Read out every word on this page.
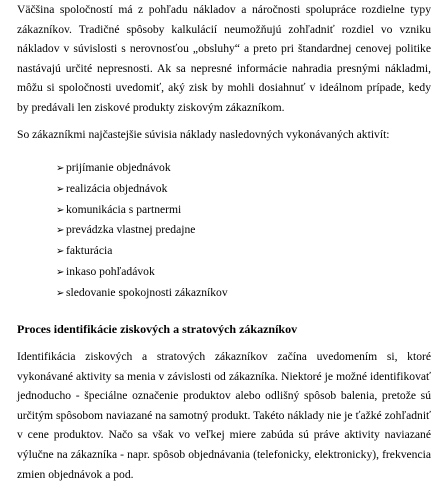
Väčšina spoločností má z pohľadu nákladov a náročnosti spolupráce rozdielne typy zákazníkov. Tradičné spôsoby kalkulácií neumožňujú zohľadniť rozdiel vo vzniku nákladov v súvislosti s nerovnosťou „obsluhy“ a preto pri štandardnej cenovej politike nastávajú určité nepresnosti. Ak sa nepresné informácie nahradia presnými nákladmi, môžu si spoločnosti uvedomiť, aký zisk by mohli dosiahnuť v ideálnom prípade, kedy by predávali len ziskové produkty ziskovým zákazníkom.

So zákazníkmi najčastejšie súvisia náklady nasledovných vykonávaných aktivít:

➢ prijímanie objednávok
➢ realizácia objednávok
➢ komunikácia s partnermi
➢ prevádzka vlastnej predajne
➢ fakturácia
➢ inkaso pohľadávok
➢ sledovanie spokojnosti zákazníkov
Proces identifikácie ziskových a stratových zákazníkov

Identifikácia ziskových a stratových zákazníkov začína uvedomením si, ktoré vykonávané aktivity sa menia v závislosti od zákazníka. Niektoré je možné identifikovať jednoducho - špeciálne označenie produktov alebo odlišný spôsob balenia, pretože sú určitým spôsobom naviazané na samotný produkt. Takéto náklady nie je ťažké zohľadniť v cene produktov. Načo sa však vo veľkej miere zabúda sú práve aktivity naviazané výlučne na zákazníka - napr. spôsob objednávania (telefonicky, elektronicky), frekvencia zmien objednávok a pod.
